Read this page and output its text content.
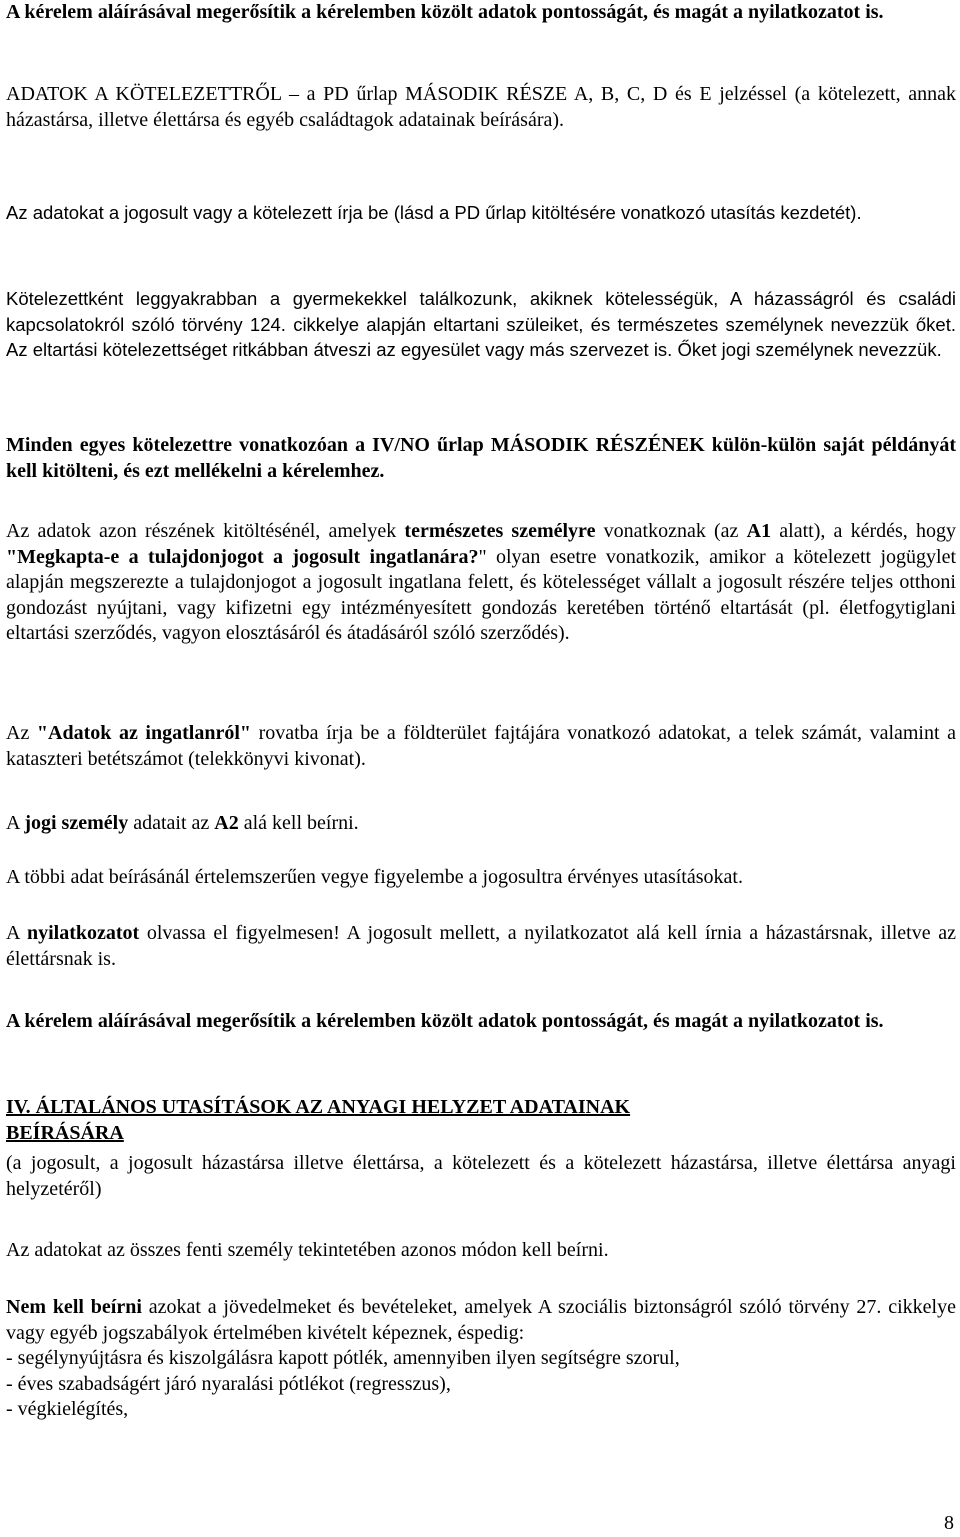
A kérelem aláírásával megerősítik a kérelemben közölt adatok pontosságát, és magát a nyilatkozatot is.

ADATOK A KÖTELEZETTRŐL – a PD űrlap MÁSODIK RÉSZE A, B, C, D és E jelzéssel (a kötelezett, annak házastársa, illetve élettársa és egyéb családtagok adatainak beírására).

Az adatokat a jogosult vagy a kötelezett írja be (lásd a PD űrlap kitöltésére vonatkozó utasítás kezdetét).

Kötelezettként leggyakrabban a gyermekekkel találkozunk, akiknek kötelességük, A házasságról és családi kapcsolatokról szóló törvény 124. cikkelye alapján eltartani szüleiket, és természetes személynek nevezzük őket. Az eltartási kötelezettséget ritkábban átveszi az egyesület vagy más szervezet is. Őket jogi személynek nevezzük.

Minden egyes kötelezettre vonatkozóan a IV/NO űrlap MÁSODIK RÉSZÉNEK külön-külön saját példányát kell kitölteni, és ezt mellékelni a kérelemhez.

Az adatok azon részének kitöltésénél, amelyek természetes személyre vonatkoznak (az A1 alatt), a kérdés, hogy "Megkapta-e a tulajdonjogot a jogosult ingatlanára?" olyan esetre vonatkozik, amikor a kötelezett jogügylet alapján megszerezte a tulajdonjogot a jogosult ingatlana felett, és kötelességet vállalt a jogosult részére teljes otthoni gondozást nyújtani, vagy kifizetni egy intézményesített gondozás keretében történő eltartását (pl. életfogytiglani eltartási szerződés, vagyon elosztásáról és átadásáról szóló szerződés).

Az "Adatok az ingatlanról" rovatba írja be a földterület fajtájára vonatkozó adatokat, a telek számát, valamint a kataszteri betétszámot (telekkönyvi kivonat).

A jogi személy adatait az A2 alá kell beírni.

A többi adat beírásánál értelemszerűen vegye figyelembe a jogosultra érvényes utasításokat.

A nyilatkozatot olvassa el figyelmesen! A jogosult mellett, a nyilatkozatot alá kell írnia a házastársnak, illetve az élettársnak is.

A kérelem aláírásával megerősítik a kérelemben közölt adatok pontosságát, és magát a nyilatkozatot is.

IV. ÁLTALÁNOS UTASÍTÁSOK AZ ANYAGI HELYZET ADATAINAK
BEÍRÁSÁRA

(a jogosult, a jogosult házastársa illetve élettársa, a kötelezett és a kötelezett házastársa, illetve élettársa anyagi helyzetéről)

Az adatokat az összes fenti személy tekintetében azonos módon kell beírni.

Nem kell beírni azokat a jövedelmeket és bevételeket, amelyek A szociális biztonságról szóló törvény 27. cikkelye vagy egyéb jogszabályok értelmében kivételt képeznek, éspedig:

- segélynyújtásra és kiszolgálásra kapott pótlék, amennyiben ilyen segítségre szorul,
- éves szabadságért járó nyaralási pótlékot (regresszus),
- végkielégítés,
8
